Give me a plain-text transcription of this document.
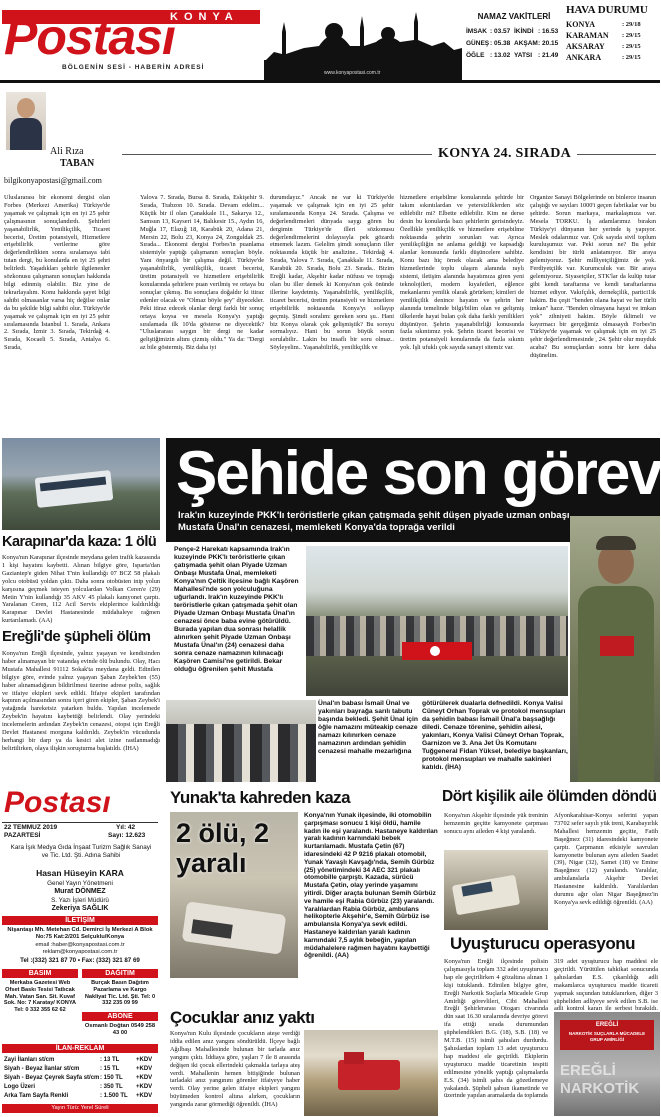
KONYA
Postası
BÖLGENİN SESİ - HABERİN ADRESİ
www.konyapostasi.com.tr
NAMAZ VAKİTLERİ
İMSAK : 03.57 İKİNDİ : 16.53
GÜNEŞ : 05.38 AKŞAM : 20.15
ÖĞLE : 13.02 YATSI : 21.49
HAVA DURUMU
KONYA	: 29/18
KARAMAN	: 29/15
AKSARAY	: 29/15
ANKARA	: 29/15
Ali Rıza
TABAN
bilgikonyapostasi@gmail.com
KONYA 24. SIRADA

Uluslararası bir ekonomi dergisi olan Forbes (Merkezi Amerika) Türkiye'de yaşamak ve çalışmak için en iyi 25 şehir çalışmasının sonuçlandırdı. Şehirleri yaşanabilirlik, Yenilikçilik, Ticaret becerisi, Üretim potansiyeli, Hizmetlere erişebilirlik verilerine göre değerlendirdikten sonra sıralamaya tabi tutan dergi, bu konularda en iyi 25 şehri belirledi. Yaşadıkları şehirle ilgilenenler sözkonusu çalışmanın sonuçları hakkında bilgi edinmiş olabilir. Biz yine de tekrarlayalım. Konu hakkında şayet bilgi sahibi olmasanlar varsa hiç değilse onlar da bu şekilde bilgi sahibi olur. Türkiye'de yaşamak ve çalışmak için en iyi 25 şehir sıralamasında İstanbul 1. Sırada, Ankara 2. Sırada, İzmir 3. Sırada, Tekirdağ 4. Sırada, Kocaeli 5. Sırada, Antalya 6. Sırada,

Yalova 7. Sırada, Bursa 8. Sırada, Eskişehir 9. Sırada, Trabzon 10. Sırada. Devam edelim... Küçük bir il olan Çanakkale 11., Sakarya 12., Samsun 13, Kayseri 14, Balıkesir 15., Aydın 16, Muğla 17, Elazığ 18, Karabük 20, Adana 21, Mersin 22, Bolu 23, Konya 24, Zonguldak 25. Sırada... Ekonomi dergisi Forbes'in puanlama sistemiyle yaptığı çalışmanın sonuçları böyle. Yanı önyargılı bir çalışma değil. Türkiye'de yaşanabilirlik, yenilikçilik, ticaret becerisi, üretim potansiyeli ve hizmetlere erişebilirlik konularında şehirlere puan verilmiş ve ortaya bu sonuçlar çıkmış. Bu sonuçlara doğaldır ki itiraz edenler olacak ve "Olmaz böyle şey" diyecekler. Peki itiraz edecek olanlar dergi farklı bir sonuç ortaya koysa ve mesela Konya'yı yaptığı sıralamada ilk 10'da gösterse ne diyecektik? "Uluslararası saygın bir dergi ne kadar geliştiğimizin altını çizmiş oldu." Ya da: "Dergi az bile göstermiş. Biz daha iyi

durumdayız." Ancak ne var ki Türkiye'de yaşamak ve çalışmak için en iyi 25 şehir sıralamasında Konya 24. Sırada. Çalışma ve değerlendirmeleri dünyada saygı gören bu dergimin Türkiye'de illeri sözkonusu değerlendirmelerini dolayısıyla pek gözardı etmemek lazım. Gelelim şimdi sonuçların iller noktasında küçük bir analizine.. Tekirdağ 4. Sırada, Yalova 7. Sırada, Çanakkale 11. Sırada, Karabük 20. Sırada, Bolu 23. Sırada.. Bizim Ereğli kadar, Akşehir kadar nüfusu ve toprağı olan bu iller demek ki Konya'nın çok önünde illerine kaydetmiş. Yaşanabilirlik, yenilikçilik, ticaret becerisi, üretim potansiyeli ve hizmetlere erişebilirlik noktasında Konya'yı sollayıp geçmiş. Şimdi soralım: gereken soru şu.. Hani biz Konya olarak çok gelişmiştik? Bu soruyu sormalıyız. Hani bu sorun büyük sorun sorulabilir.. Lakin bu insaflı bir soru olmaz.. Söyleyelim.. Yaşanabilirlik, yenilikçilik ve

hizmetlere erişebilme konularında şehirde bir takım sıkıntılardan ve yetersizliklerden söz edilebilir mi? Elbette edilebilir. Kim ne derse desin bu konularda bazı şehirlerin gerisindeyiz. Özellikle yenilikçilik ve hizmetlere erişebilme noktasında şehrin sorunları var. Ayrıca yenilikçiliğin ne anlama geldiği ve kapsadığı alanlar konusunda farklı düşüncelere sahibiz. Konu bazı hiç örnek olacak ama belediye hizmetlerinde toplu ulaşım alanında raylı sistemi, iletişim alanında hayatımıza giren yeni teknolojileri, modern kıyafetleri, eğlence mekanlarını yenilik olarak görürken; kimileri de yenilikçilik denince hayatın ve şehrin her alanında temelinde bilgi/bilim olan ve gelişmiş ülkelerde hayat bulan çok daha farklı yenilikleri düşünüyor. Şehrin yaşanabilirliği konusunda fazla sıkıntımız yok. Şehrin ticaret becerisi ve üretim potansiyeli konularında da fazla sıkıntı yok. İşli ufuklı çok sayıda sanayi sitemiz var.

Organize Sanayi Bölgelerinde on binlerce insanın çalıştığı ve sayıları 1000'i geçen fabrikalar var bu şehirde. Sorun markaya, markalaşmıza var. Mesela TORKU. İş adamlarımız bırakın Türkiye'yi dünyanın her yerinde iş yapıyor. Meslek odalarımız var. Çok sayıda sivil toplum kuruluşumuz var. Peki sorun ne? Bu şehir kendisini bir türlü anlatamıyor. Bir araya gelemiyoruz. Şehir milliyetçiliğimiz de yok. Ferdiyetçilik var. Kurumculuk var. Bir araya gelemiyoruz. Siyasetçiler, STK'lar da kulüp tutar gibi kendi taraftarına ve kendi taraftarlarına hizmet ediyor. Vakıfçılık, dernekçilik, partici1ik hakim. Bu çeşit "benden olana hayat ve her türlü imkan" hazır. "Benden olmayana hayat ve imkan yok" zihniyeti hakim. Böyle iklimeli ve kayırmacı bir gerçeğimiz olmasaydı Forbes'in Türkiye'de yaşamak ve çalışmak için en iyi 25 şehir değerlendirmesinde , 24. Şehir olur muyduk acaba? Bu sonuçlardan sonra bir kere daha düşünelim.

Karapınar'da kaza: 1 ölü

Konya'nın Karapınar ilçesinde meydana gelen trafik kazasında 1 kişi hayatını kaybetti. Alınan bilgiye göre, Isparta'dan Gaziantep'e giden Nihat T'nin kullandığı 07 BCZ 58 plakalı yolcu otobüsü yoldan çıktı. Daha sonra otobüsten inip yolun karşısına geçmek isteyen yolculardan Volkan Ceren'e (29) Metin Y'nin kullandığı 35 AKV 45 plakalı kamyonet çarptı. Yaralanan Ceren, 112 Acil Servis ekiplerince kaldırıldığı Karapınar Devlet Hastanesinde müdahaleye rağmen kurtarılamadı. (AA)

Ereğli'de şüpheli ölüm

Konya'nın Ereğli ilçesinde, yalnız yaşayan ve kendisinden haber alınamayan bir vatandaş evinde ölü bulundu. Olay, Hacı Mustafa Mahallesi 91112 Sokak'ta meydana geldi. Edinilen bilgiye göre, evinde yalnız yaşayan Şaban Zeybek'ten (55) haber alınamadığının bildirilmesi üzerine adrese polis, sağlık ve itfaiye ekipleri sevk edildi. İtfaiye ekipleri tarafından kapının açılmasından sonra içeri giren ekipler, Şaban Zeybek'i yatağında hareketsiz yatarken buldu. Yapılan incelemede Zeybek'in hayatını kaybettiği belirlendi. Olay yerindeki incelemelerin ardından Zeybek'in cenazesi, otopsi için Ereğli Devlet Hastanesi morguna kaldırıldı. Zeybek'in vücudunda herhangi bir darp ya da kesici alet izine rastlanmadığı belirtilirken, olaya ilişkin soruşturma başlatıldı. (İHA)

Şehide son görev
Irak'ın kuzeyinde PKK'lı teröristlerle çıkan çatışmada şehit düşen piyade uzman onbaşı Mustafa Ünal'ın cenazesi, memleketi Konya'da toprağa verildi

Pençe-2 Harekatı kapsamında Irak'ın kuzeyinde PKK'lı teröristlerle çıkan çatışmada şehit olan Piyade Uzman Onbaşı Mustafa Ünal, memleketi Konya'nın Çeltik ilçesine bağlı Kaşören Mahallesi'nde son yolculuğuna uğurlandı. Irak'ın kuzeyinde PKK'lı teröristlerle çıkan çatışmada şehit olan Piyade Uzman Onbaşı Mustafa Ünal'ın cenazesi önce baba evine götürüldü. Burada yapılan dua sonrası helallik alınırken şehit Piyade Uzman Onbaşı Mustafa Ünal'ın (24) cenazesi daha sonra cenaze namazının kılınacağı Kaşören Camisi'ne getirildi. Bekar olduğu öğrenilen şehit Mustafa

Ünal'ın babası İsmail Ünal ve yakınları bayrağa sarılı tabutu başında bekledi. Şehit Ünal için öğle namazını müteakip cenaze namazı kılınırken cenaze namazının ardından şehidin cenazesi mahalle mezarlığına

götürülerek dualarla defnedildi. Konya Valisi Cüneyt Orhan Toprak ve protokol mensupları da şehidin babası İsmail Ünal'a başsağlığı diledi. Cenaze törenine, şehidin ailesi, yakınları, Konya Valisi Cüneyt Orhan Toprak, Garnizon ve 3. Ana Jet Üs Komutanı Tuğgeneral Fidan Yüksel, belediye başkanları, protokol mensupları ve mahalle sakinleri katıldı. (İHA)

Postası
22 TEMMUZ 2019 PAZARTESİ
Yıl: 42
Sayı: 12.623
Kara İşık Medya Gıda İnşaat Turizm Sağlık Sanayi ve Tic. Ltd. Şti. Adına Sahibi
Hasan Hüseyin KARA
Genel Yayın Yönetmeni
Murat DÖNMEZ
S. Yazı İşleri Müdürü
Zekeriya SAĞLIK
İLETİŞİM
Nişantaşı Mh. Metehan Cd. Demirci İş Merkezi A Blok No:75 Kat:2/201 Selçuklu/Konya
email :haber@konyapostasi.com.tr
reklam@konyapostasi.com.tr
Tel :(332) 321 87 70 • Fax: (332) 321 87 69
BASIM
Merkaba Gazetesi Web Ofset Baskı Tesisi Tatlıcak Mah. Vatan San. Sit. Kuvaf Sok. No: 7 Karatay/ KONYA Tel: 0 332 355 62 62
DAĞITIM
Burçak Basın Dağıtım Pazarlama ve Kargo Nakliyat Tic. Ltd. Şti. Tel: 0 332 235 09 99
ABONE
Osmanlı Doğtan 0549 258 43 00
İLAN-REKLAM
Zayi İlanları st/cm	: 13 TL	+KDV
Siyah - Beyaz İlanlar st/cm	: 15 TL	+KDV
Siyah - Beyaz Çeyrek Sayfa st/cm : 150 TL	+KDV
Logo Üzeri	: 350 TL	+KDV
Arka Tam Sayfa Renkli	: 1.500 TL	+KDV
Yayın Türü: Yerel Süreli
Yunak'ta kahreden kaza
2 ölü, 2 yaralı

Konya'nın Yunak ilçesinde, iki otomobilin çarpışması sonucu 1 kişi öldü, hamile kadın ile eşi yaralandı. Hastaneye kaldırılan yaralı kadının karnındaki bebek kurtarılamadı. Mustafa Çetin (67) idaresindeki 42 P 9216 plakalı otomobil, Yunak Yavaşlı Kavşağı'nda, Semih Gürbüz (25) yönetimindeki 34 AEC 321 plakalı otomobille çarpıştı. Kazada, sürücü Mustafa Çetin, olay yerinde yaşamını yitirdi. Diğer araçta bulunan Semih Gürbüz ve hamile eşi Rabia Gürbüz (23) yaralandı. Yaralılardan Rabia Gürbüz, ambulans helikopterle Akşehir'e, Semih Gürbüz ise ambulansla Konya'ya sevk edildi. Hastaneye kaldırılan yaralı kadının karnındaki 7,5 aylık bebeğin, yapılan müdahalelere rağmen hayatını kaybettiği öğrenildi. (AA)

Çocuklar anız yaktı

Konya'nın Kulu ilçesinde çocukların ateşe verdiği iddia edilen anız yangını söndürüldü. İlçeye bağlı Ağılbaşı Mahallesinde bulunan bir tarlada anız yangını çıktı. İddiaya göre, yaşları 7 ile 8 arasında değişen iki çocuk ellerindeki çakmakla tarlaya ateş verdi. Mahallenin hemen bitişiğinde bulunan tarladaki anız yangınını görenler itfaiyeye haber verdi. Olay yerine gelen itfaiye ekipleri yangını büyümeden kontrol altına alırken, çocukların yangında zarar görmediği öğrenildi. (İHA)

Dört kişilik aile ölümden döndü

Konya'nın Akşehir ilçesinde yük treninin hemzemin geçitte kamyonete çarpması sonucu aynı aileden 4 kişi yaralandı.

Afyonkarahisar-Konya seferini yapan 73702 sefer sayılı yük treni, Karabayırlık Mahallesi hemzemin geçitte, Fatih Başeğmez (31) idaresindeki kamyonete çarptı. Çarpmanın etkisiyle savrulan kamyonette bulunan aynı aileden Saadet (39), Nigar (32), Samet (18) ve Emine Başeğmez (12) yaralandı. Yaralılar, ambulanslarla Akşehir Devlet Hastanesine kaldırıldı. Yaralılardan durumu ağır olan Nigar Başeğmez'in Konya'ya sevk edildiği öğrenildi. (AA)

Uyuşturucu operasyonu

Konya'nın Ereğli ilçesinde polisin çalışmasıyla toplam 332 adet uyuşturucu hap ele geçirilirken 4 gözaltına alınan 1 kişi tutuklandı. Edinilen bilgiye göre, Ereğli Narkotik Suçlarla Mücadele Grup Amirliği görevlileri, Cibi Mahallesi Ereğli Şehirlerarası Otogarı civarında dün saat 16.30 sıralarında devriye görevi ifa ettiği sırada durumundan şüphelendikleri B.G. (18), S.B. (18) ve M.T.B. (15) isimli şahısları durdurdu. Şahıslardan toplam 13 adet uyuşturucu hap maddesi ele geçirildi. Ekiplerin uyuşturucu madde ticaretinin tespiti edilmesine yönelik yaptığı çalışmalarda E.S. (34) isimli şahıs da gözetlemeye yakalandı. Şüpheli şahsın ikametinde ve üzerinde yapılan aramalarda da toplamda

319 adet uyuşturucu hap maddesi ele geçirildi. Yürütülen tahkikat sonucunda şahıslardan E.S. çıkarıldığı adli makamlarca uyuşturucu madde ticareti yapmak suçundan tutuklanırken, diğer 3 şüpheliden adliyeye sevk edilen S.B. ise adli kontrol kararı ile serbest bırakıldı.

EREĞLİ
NARKOTİK SUÇLARLA MÜCADELE GRUP AMİRLİĞİ
EREĞLİ NARKOTİK
